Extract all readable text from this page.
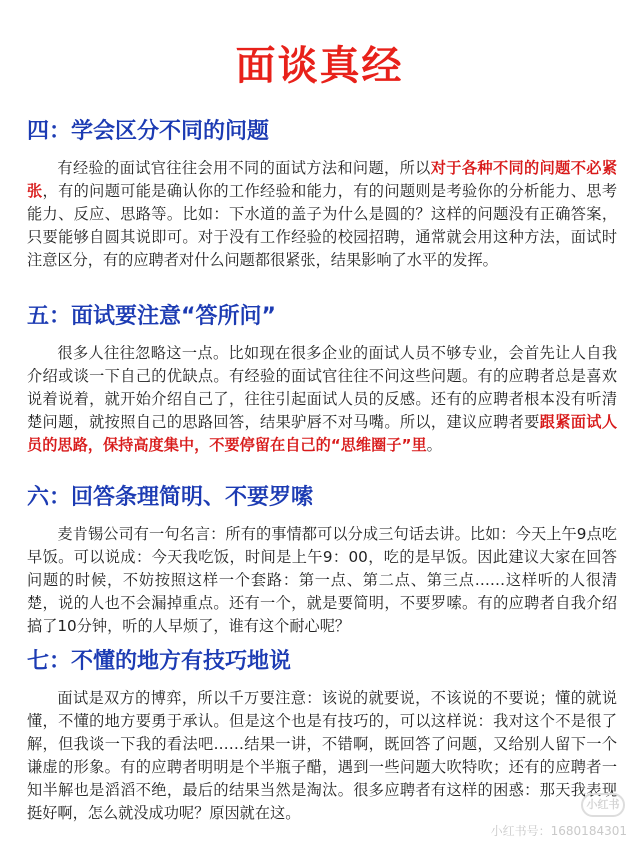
面谈真经
四：学会区分不同的问题

有经验的面试官往往会用不同的面试方法和问题，所以对于各种不同的问题不必紧张，有的问题可能是确认你的工作经验和能力，有的问题则是考验你的分析能力、思考能力、反应、思路等。比如：下水道的盖子为什么是圆的？这样的问题没有正确答案，只要能够自圆其说即可。对于没有工作经验的校园招聘，通常就会用这种方法，面试时注意区分，有的应聘者对什么问题都很紧张，结果影响了水平的发挥。

五：面试要注意“答所问”

很多人往往忽略这一点。比如现在很多企业的面试人员不够专业，会首先让人自我介绍或谈一下自己的优缺点。有经验的面试官往往不问这些问题。有的应聘者总是喜欢说着说着，就开始介绍自己了，往往引起面试人员的反感。还有的应聘者根本没有听清楚问题，就按照自己的思路回答，结果驴唇不对马嘴。所以，建议应聘者要跟紧面试人员的思路，保持高度集中，不要停留在自己的“思维圈子”里。

六：回答条理简明、不要罗嗦

麦肯锡公司有一句名言：所有的事情都可以分成三句话去讲。比如：今天上午9点吃早饭。可以说成：今天我吃饭，时间是上午9：00，吃的是早饭。因此建议大家在回答问题的时候，不妨按照这样一个套路：第一点、第二点、第三点……这样听的人很清楚，说的人也不会漏掉重点。还有一个，就是要简明，不要罗嗦。有的应聘者自我介绍搞了10分钟，听的人早烦了，谁有这个耐心呢？

七：不懂的地方有技巧地说

面试是双方的博弈，所以千万要注意：该说的就要说，不该说的不要说；懂的就说懂，不懂的地方要勇于承认。但是这个也是有技巧的，可以这样说：我对这个不是很了解，但我谈一下我的看法吧……结果一讲，不错啊，既回答了问题，又给别人留下一个谦虚的形象。有的应聘者明明是个半瓶子醋，遇到一些问题大吹特吹；还有的应聘者一知半解也是滔滔不绝，最后的结果当然是淘汰。很多应聘者有这样的困惑：那天我表现挺好啊，怎么就没成功呢？原因就在这。	小红书
小红书号：1680184301
